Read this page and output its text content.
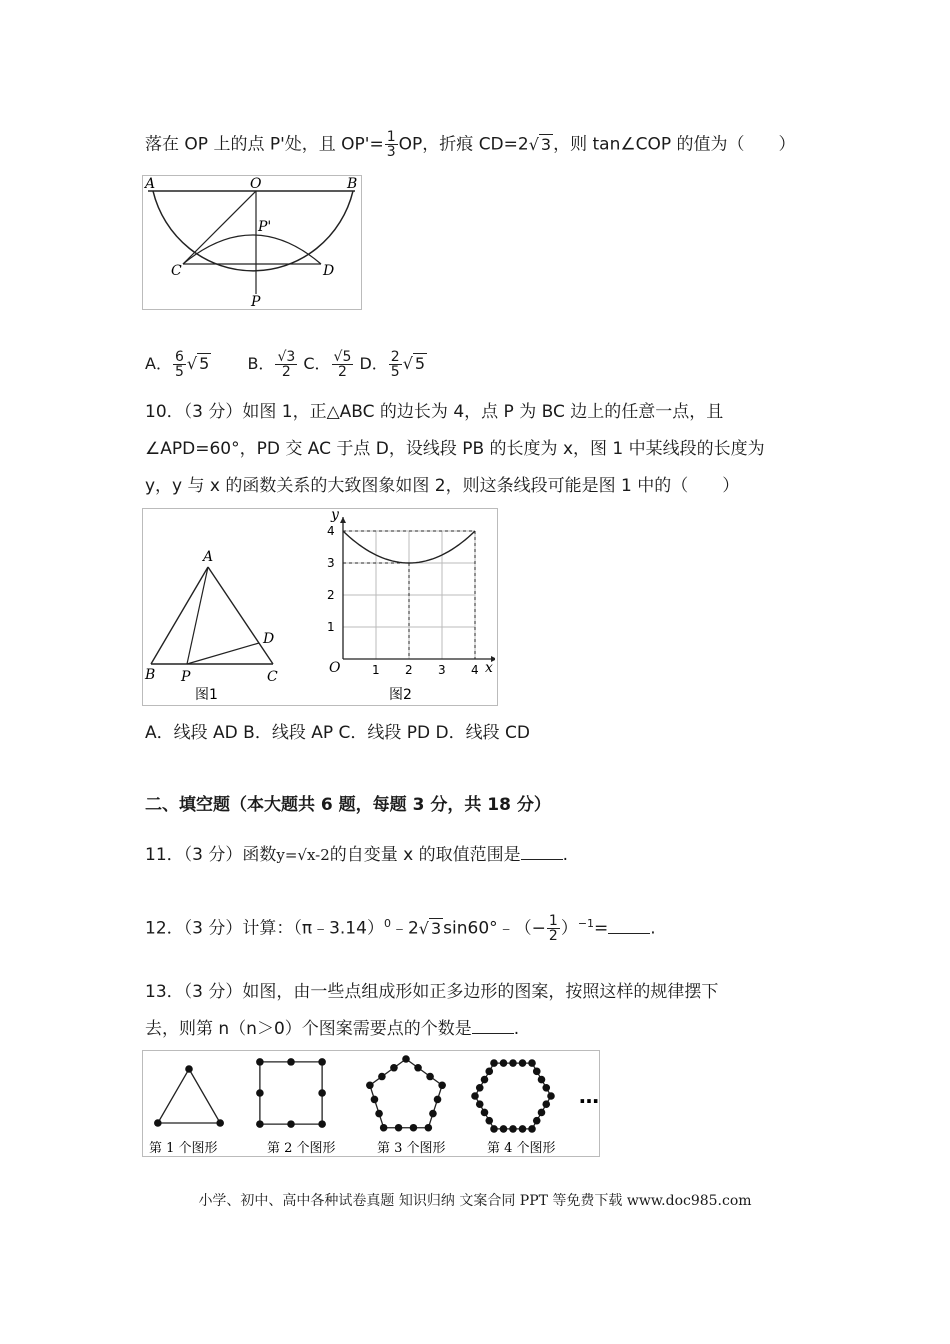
落在 OP 上的点 P'处，且 $OP'= \frac{1}{3}$ OP，折痕 CD=2√ 3 ，则 tan∠COP 的值为（　　）
A	O	B
P'
C	D
P
A． $\frac{6}{5}$ √ 5 B． $\frac{√3}{2}$ C． $\frac{√5}{2}$ D． $\frac{2}{5}$ √ 5
10．（3 分）如图 1，正△ABC 的边长为 4，点 P 为 BC 边上的任意一点，且
∠APD=60°，PD 交 AC 于点 D，设线段 PB 的长度为 x，图 1 中某线段的长度为
y，y 与 x 的函数关系的大致图象如图 2，则这条线段可能是图 1 中的（　　）
A
B P	C
D
图1
1 2 3 4
1
2
3
4
y
x
O
图2
A．线段 AD B．线段 AP C．线段 PD D．线段 CD
二、填空题（本大题共 6 题，每题 3 分，共 18 分）
11．（3 分）函数y=√x-2的自变量 x 的取值范围是 .
12．（3 分）计算：（π﹣3.14）$^0$﹣2√ 3 sin60°﹣（− $\frac{1}{2} )^{-1}=$ .
13．（3 分）如图，由一些点组成形如正多边形的图案，按照这样的规律摆下
去，则第 n（n＞0）个图案需要点的个数是 .
第 1 个图形	第 2 个图形	第 3 个图形	第 4 个图形
…
小学、初中、高中各种试卷真题 知识归纳 文案合同 PPT 等免费下载 www.doc985.com
